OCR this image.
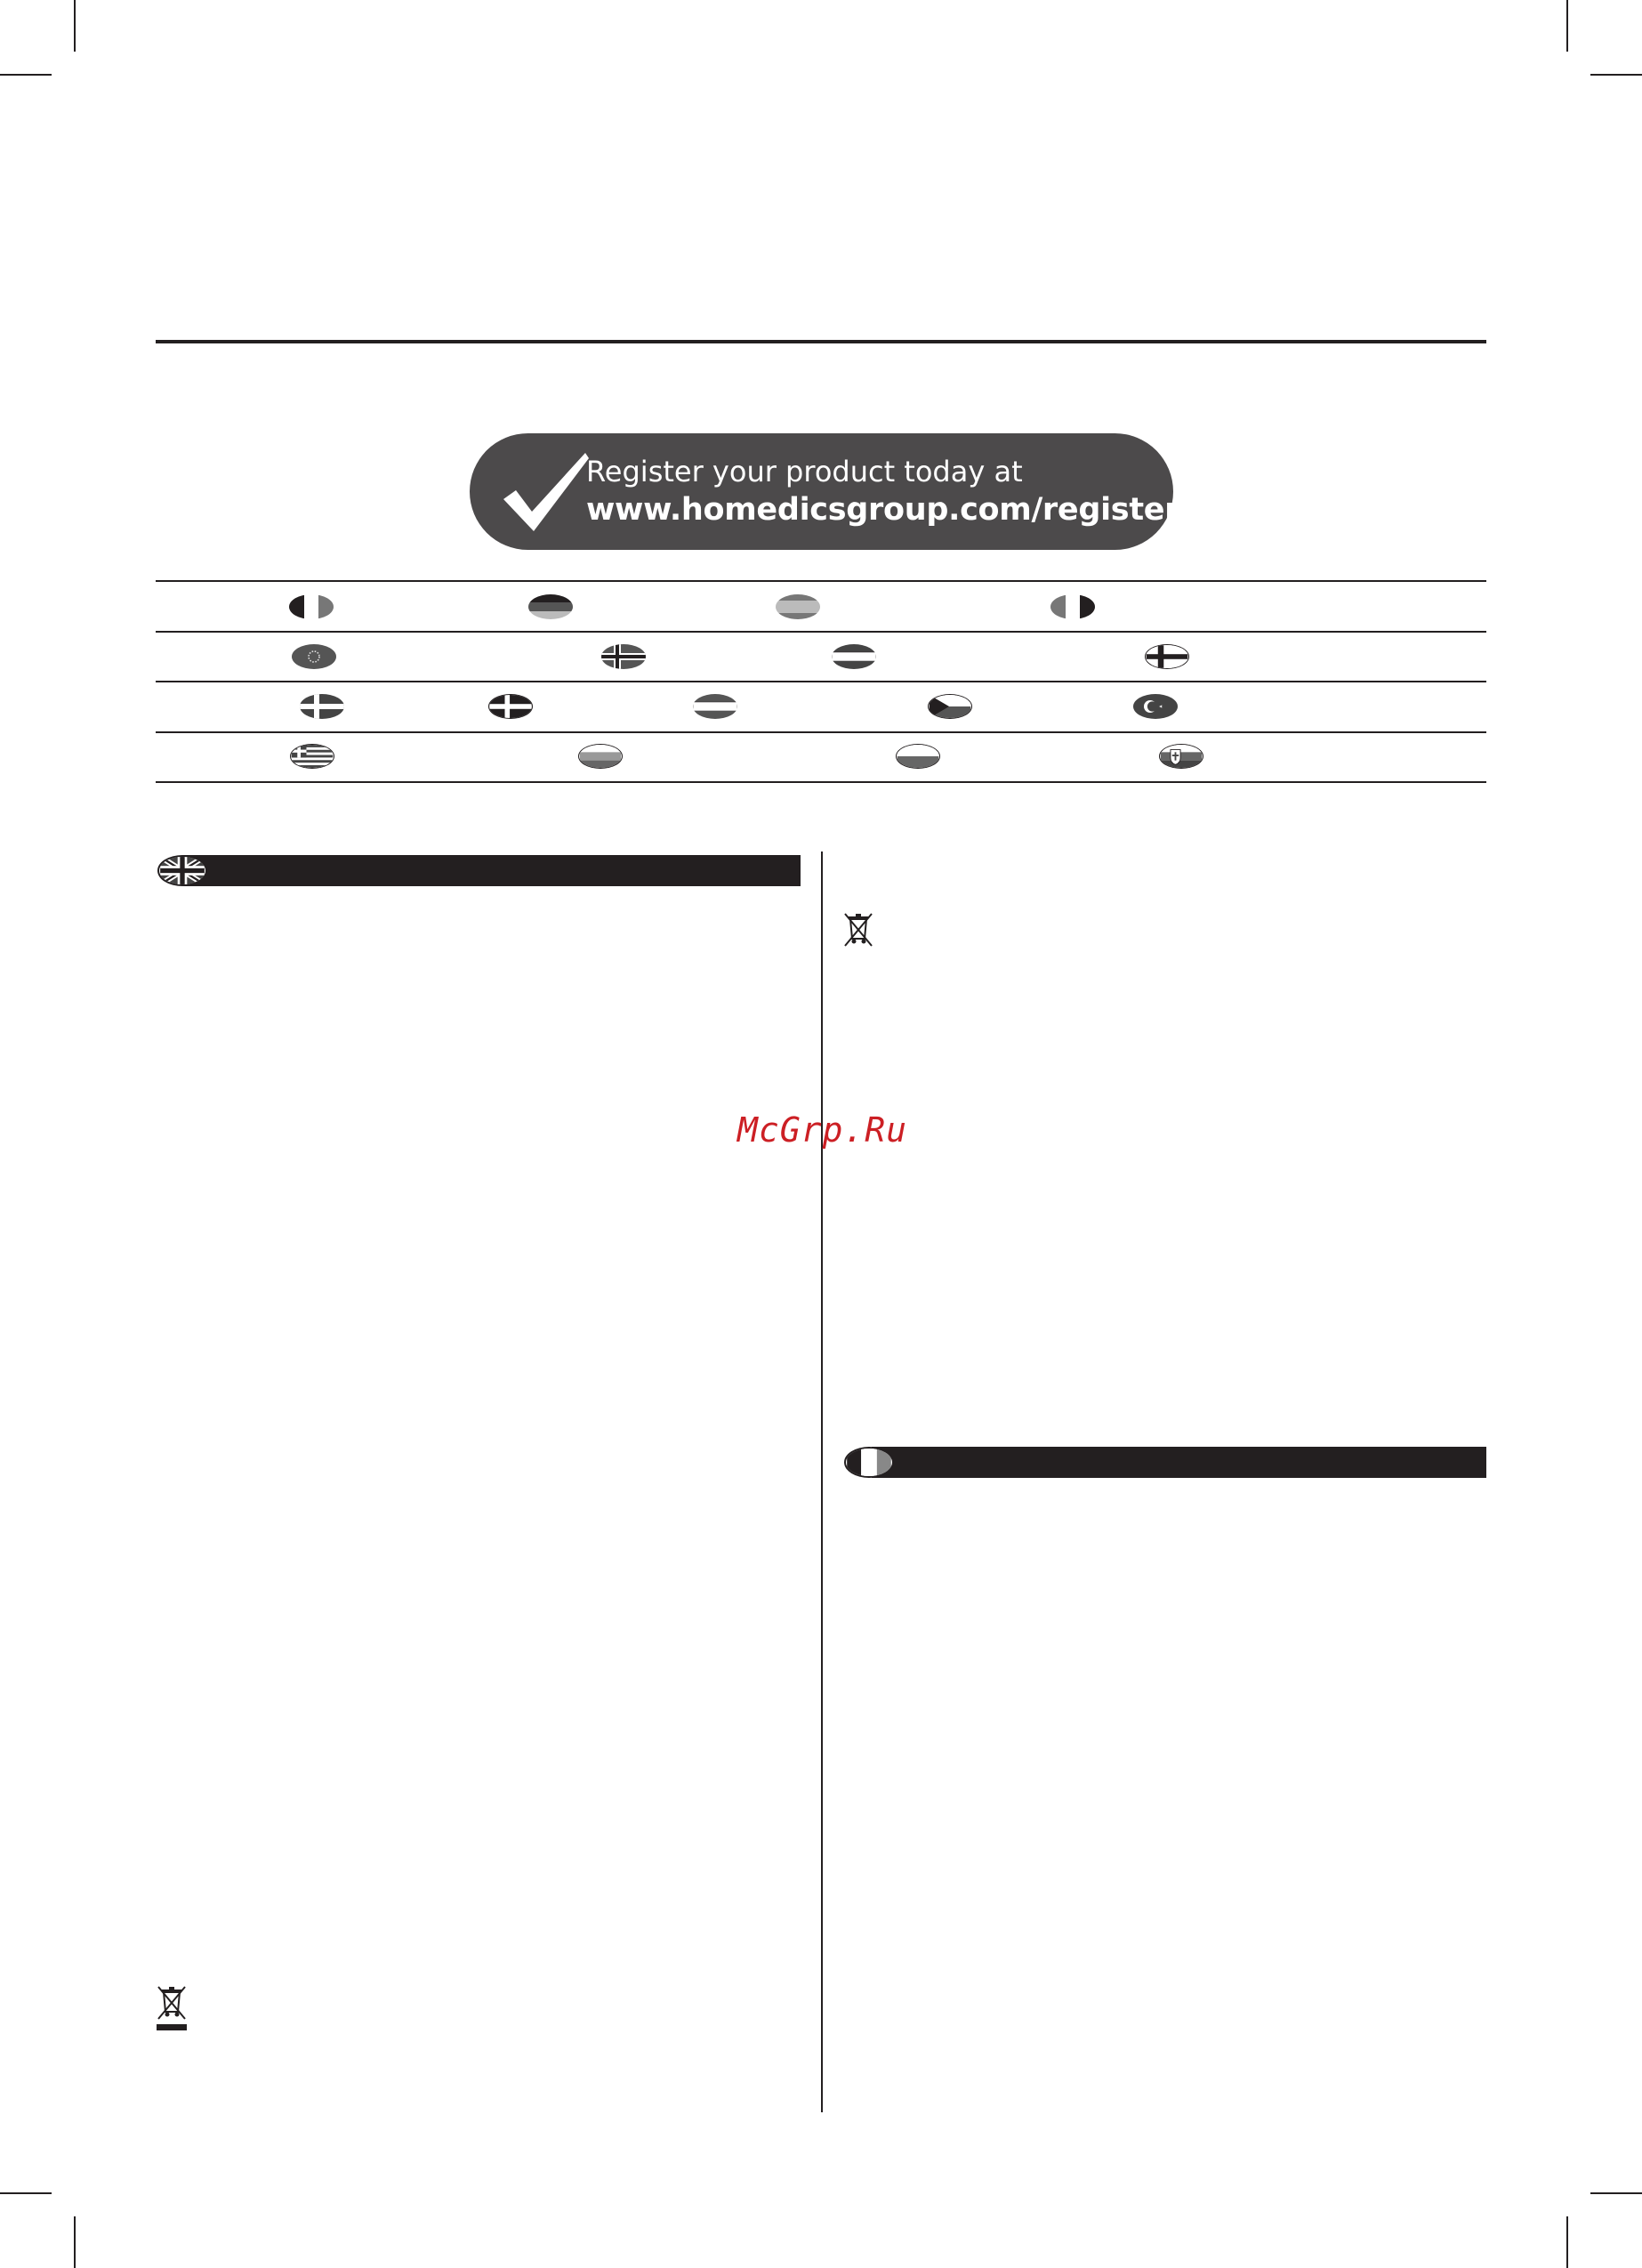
Register your product today at
www.homedicsgroup.com/register
McGrp.Ru
